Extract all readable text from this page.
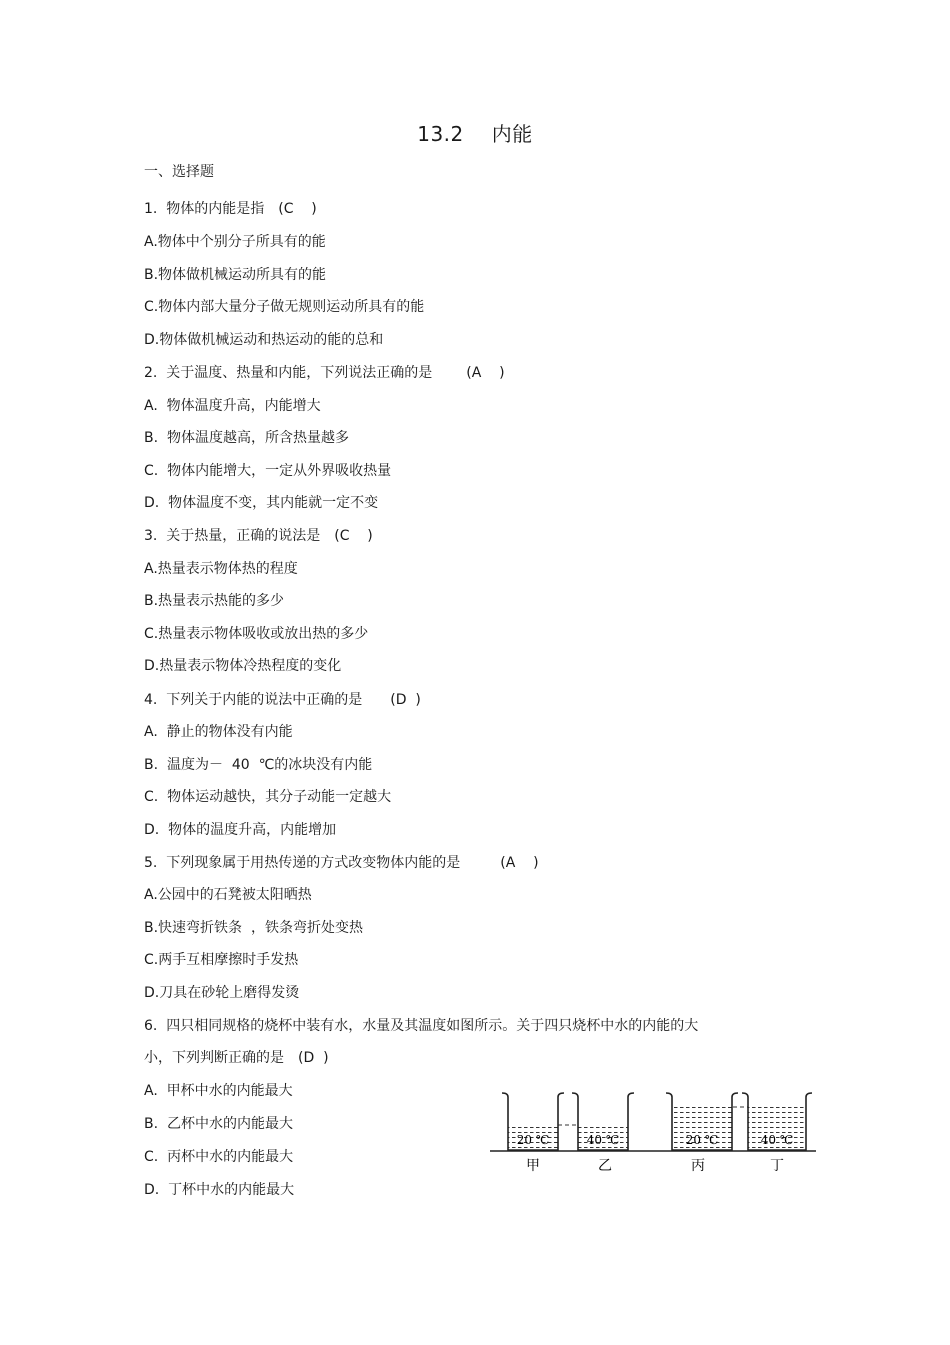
13.2 内能
一、选择题
1.  物体的内能是指 (C    )
A.物体中个别分子所具有的能
B.物体做机械运动所具有的能
C.物体内部大量分子做无规则运动所具有的能
D.物体做机械运动和热运动的能的总和
2.  关于温度、热量和内能，下列说法正确的是 (A    )
A.  物体温度升高，内能增大
B.  物体温度越高，所含热量越多
C.  物体内能增大，一定从外界吸收热量
D.  物体温度不变，其内能就一定不变
3.  关于热量，正确的说法是 (C    )
A.热量表示物体热的程度
B.热量表示热能的多少
C.热量表示物体吸收或放出热的多少
D.热量表示物体冷热程度的变化
4.  下列关于内能的说法中正确的是 (D  )
A.  静止的物体没有内能
B.  温度为－  40  ℃的冰块没有内能
C.  物体运动越快，其分子动能一定越大
D.  物体的温度升高，内能增加
5.  下列现象属于用热传递的方式改变物体内能的是	(A    )
A.公园中的石凳被太阳晒热
B.快速弯折铁条  ，铁条弯折处变热
C.两手互相摩擦时手发热
D.刀具在砂轮上磨得发烫
6.  四只相同规格的烧杯中装有水，水量及其温度如图所示。关于四只烧杯中水的内能的大
小，下列判断正确的是 (D  )
A.  甲杯中水的内能最大
B.  乙杯中水的内能最大
C.  丙杯中水的内能最大
D.  丁杯中水的内能最大
20 ℃	40 ℃	20 ℃	40 ℃
甲	乙	丙	丁
